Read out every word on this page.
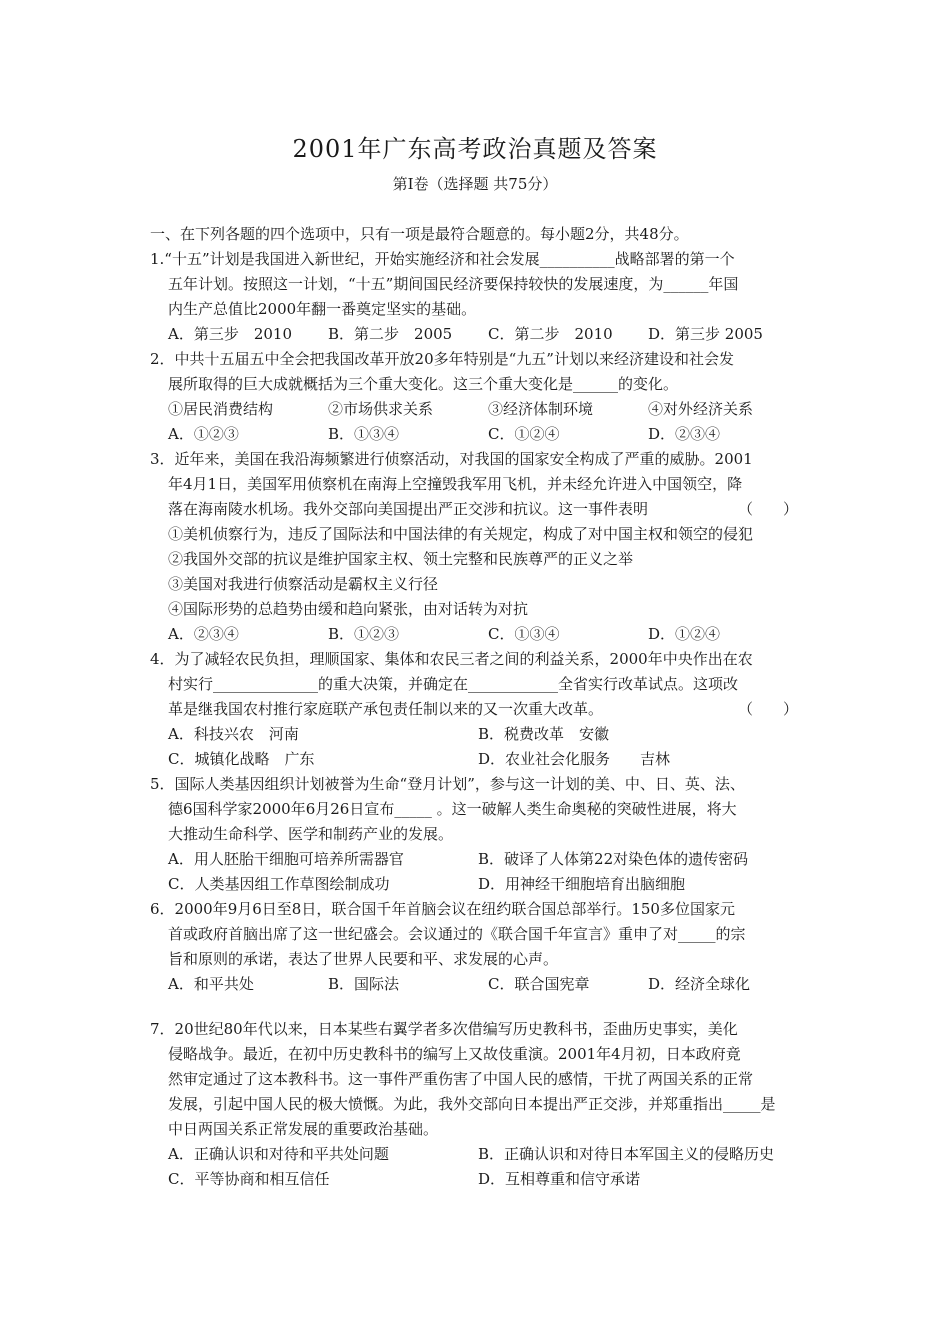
2001年广东高考政治真题及答案
第Ⅰ卷（选择题 共75分）
一、在下列各题的四个选项中，只有一项是最符合题意的。每小题2分，共48分。
1.“十五”计划是我国进入新世纪，开始实施经济和社会发展__________战略部署的第一个
五年计划。按照这一计划，“十五”期间国民经济要保持较快的发展速度，为______年国
内生产总值比2000年翻一番奠定坚实的基础。
A．第三步　2010	B．第二步　2005	C．第二步　2010	D．第三步 2005
2．中共十五届五中全会把我国改革开放20多年特别是“九五”计划以来经济建设和社会发
展所取得的巨大成就概括为三个重大变化。这三个重大变化是______的变化。
①居民消费结构	②市场供求关系	③经济体制环境	④对外经济关系
A．①②③	B．①③④	C．①②④	D．②③④
3．近年来，美国在我沿海频繁进行侦察活动，对我国的国家安全构成了严重的威胁。2001
年4月1日，美国军用侦察机在南海上空撞毁我军用飞机，并未经允许进入中国领空，降
落在海南陵水机场。我外交部向美国提出严正交涉和抗议。这一事件表明	（　　）
①美机侦察行为，违反了国际法和中国法律的有关规定，构成了对中国主权和领空的侵犯
②我国外交部的抗议是维护国家主权、领土完整和民族尊严的正义之举
③美国对我进行侦察活动是霸权主义行径
④国际形势的总趋势由缓和趋向紧张，由对话转为对抗
A．②③④	B．①②③	C．①③④	D．①②④
4．为了减轻农民负担，理顺国家、集体和农民三者之间的利益关系，2000年中央作出在农
村实行______________的重大决策，并确定在____________全省实行改革试点。这项改
革是继我国农村推行家庭联产承包责任制以来的又一次重大改革。	（　　）
A．科技兴农　河南	B．税费改革　安徽
C．城镇化战略　广东	D．农业社会化服务　　吉林
5．国际人类基因组织计划被誉为生命“登月计划”，参与这一计划的美、中、日、英、法、
德6国科学家2000年6月26日宣布_____ 。这一破解人类生命奥秘的突破性进展，将大
大推动生命科学、医学和制药产业的发展。
A．用人胚胎干细胞可培养所需器官	B．破译了人体第22对染色体的遗传密码
C．人类基因组工作草图绘制成功	D．用神经干细胞培育出脑细胞
6．2000年9月6日至8日，联合国千年首脑会议在纽约联合国总部举行。150多位国家元
首或政府首脑出席了这一世纪盛会。会议通过的《联合国千年宣言》重申了对_____的宗
旨和原则的承诺，表达了世界人民要和平、求发展的心声。
A．和平共处	B．国际法	C．联合国宪章	D．经济全球化
7．20世纪80年代以来，日本某些右翼学者多次借编写历史教科书，歪曲历史事实，美化
侵略战争。最近，在初中历史教科书的编写上又故伎重演。2001年4月初，日本政府竟
然审定通过了这本教科书。这一事件严重伤害了中国人民的感情，干扰了两国关系的正常
发展，引起中国人民的极大愤慨。为此，我外交部向日本提出严正交涉，并郑重指出_____是
中日两国关系正常发展的重要政治基础。
A．正确认识和对待和平共处问题	B．正确认识和对待日本军国主义的侵略历史
C．平等协商和相互信任	D．互相尊重和信守承诺
